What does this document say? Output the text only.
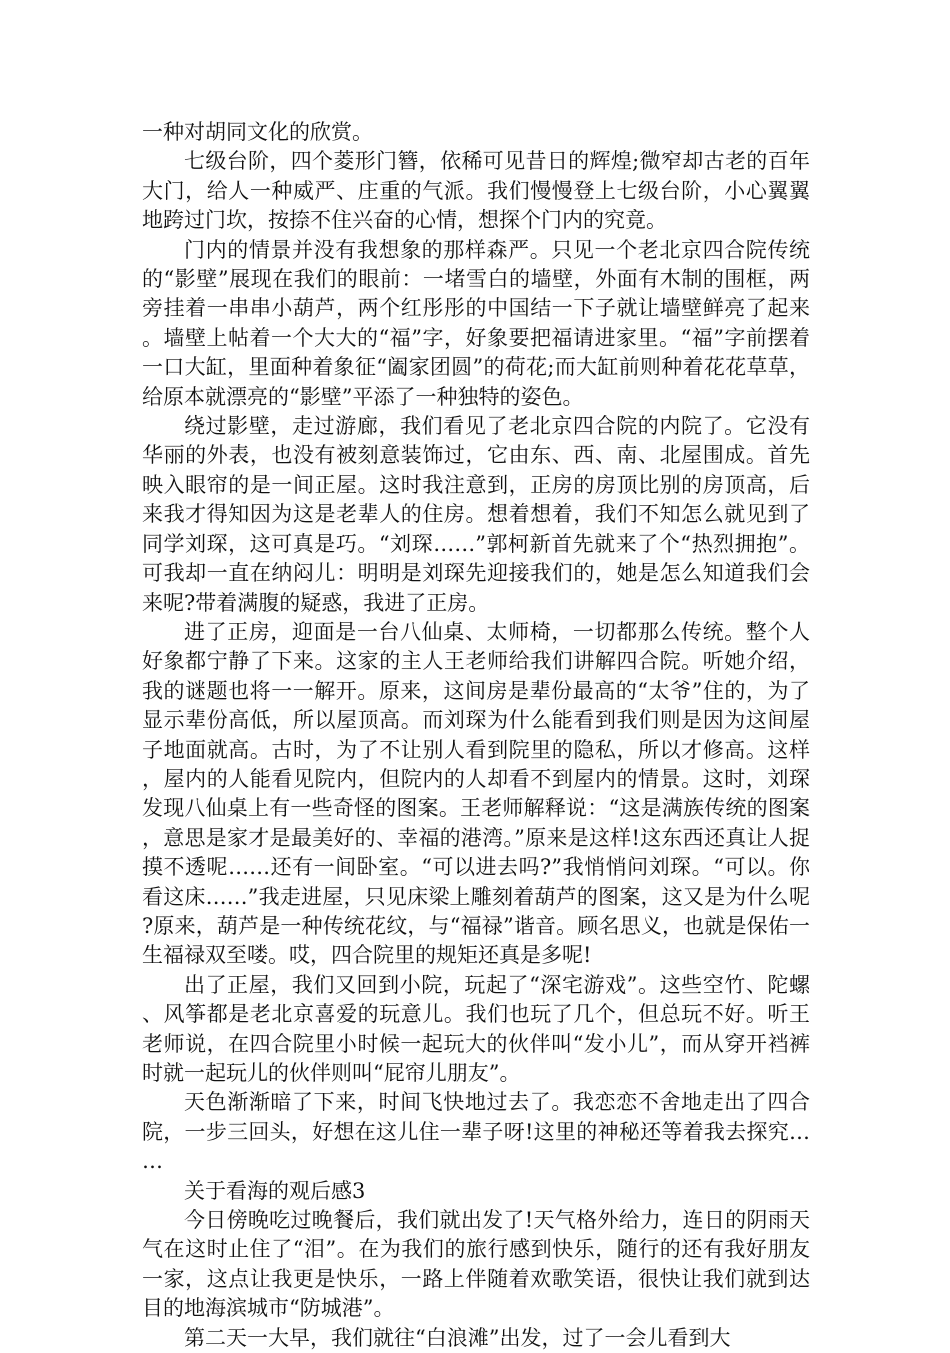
一种对胡同文化的欣赏。

七级台阶，四个菱形门簪，依稀可见昔日的辉煌;微窄却古老的百年大门，给人一种威严、庄重的气派。我们慢慢登上七级台阶，小心翼翼地跨过门坎，按捺不住兴奋的心情，想探个门内的究竟。

门内的情景并没有我想象的那样森严。只见一个老北京四合院传统的“影壁”展现在我们的眼前：一堵雪白的墙壁，外面有木制的围框，两旁挂着一串串小葫芦，两个红彤彤的中国结一下子就让墙壁鲜亮了起来。墙壁上帖着一个大大的“福”字，好象要把福请进家里。“福”字前摆着一口大缸，里面种着象征“阖家团圆”的荷花;而大缸前则种着花花草草，给原本就漂亮的“影壁”平添了一种独特的姿色。

绕过影壁，走过游廊，我们看见了老北京四合院的内院了。它没有华丽的外表，也没有被刻意装饰过，它由东、西、南、北屋围成。首先映入眼帘的是一间正屋。这时我注意到，正房的房顶比别的房顶高，后来我才得知因为这是老辈人的住房。想着想着，我们不知怎么就见到了同学刘琛，这可真是巧。“刘琛……”郭柯新首先就来了个“热烈拥抱”。可我却一直在纳闷儿：明明是刘琛先迎接我们的，她是怎么知道我们会来呢?带着满腹的疑惑，我进了正房。

进了正房，迎面是一台八仙桌、太师椅，一切都那么传统。整个人好象都宁静了下来。这家的主人王老师给我们讲解四合院。听她介绍，我的谜题也将一一解开。原来，这间房是辈份最高的“太爷”住的，为了显示辈份高低，所以屋顶高。而刘琛为什么能看到我们则是因为这间屋子地面就高。古时，为了不让别人看到院里的隐私，所以才修高。这样，屋内的人能看见院内，但院内的人却看不到屋内的情景。这时，刘琛发现八仙桌上有一些奇怪的图案。王老师解释说：“这是满族传统的图案，意思是家才是最美好的、幸福的港湾。”原来是这样!这东西还真让人捉摸不透呢……还有一间卧室。“可以进去吗?”我悄悄问刘琛。“可以。你看这床……”我走进屋，只见床梁上雕刻着葫芦的图案，这又是为什么呢?原来，葫芦是一种传统花纹，与“福禄”谐音。顾名思义，也就是保佑一生福禄双至喽。哎，四合院里的规矩还真是多呢!

出了正屋，我们又回到小院，玩起了“深宅游戏”。这些空竹、陀螺、风筝都是老北京喜爱的玩意儿。我们也玩了几个，但总玩不好。听王老师说，在四合院里小时候一起玩大的伙伴叫“发小儿”，而从穿开裆裤时就一起玩儿的伙伴则叫“屁帘儿朋友”。

天色渐渐暗了下来，时间飞快地过去了。我恋恋不舍地走出了四合院，一步三回头，好想在这儿住一辈子呀!这里的神秘还等着我去探究……

关于看海的观后感3

今日傍晚吃过晚餐后，我们就出发了!天气格外给力，连日的阴雨天气在这时止住了“泪”。在为我们的旅行感到快乐，随行的还有我好朋友一家，这点让我更是快乐，一路上伴随着欢歌笑语，很快让我们就到达目的地海滨城市“防城港”。

第二天一大早，我们就往“白浪滩”出发，过了一会儿看到大
